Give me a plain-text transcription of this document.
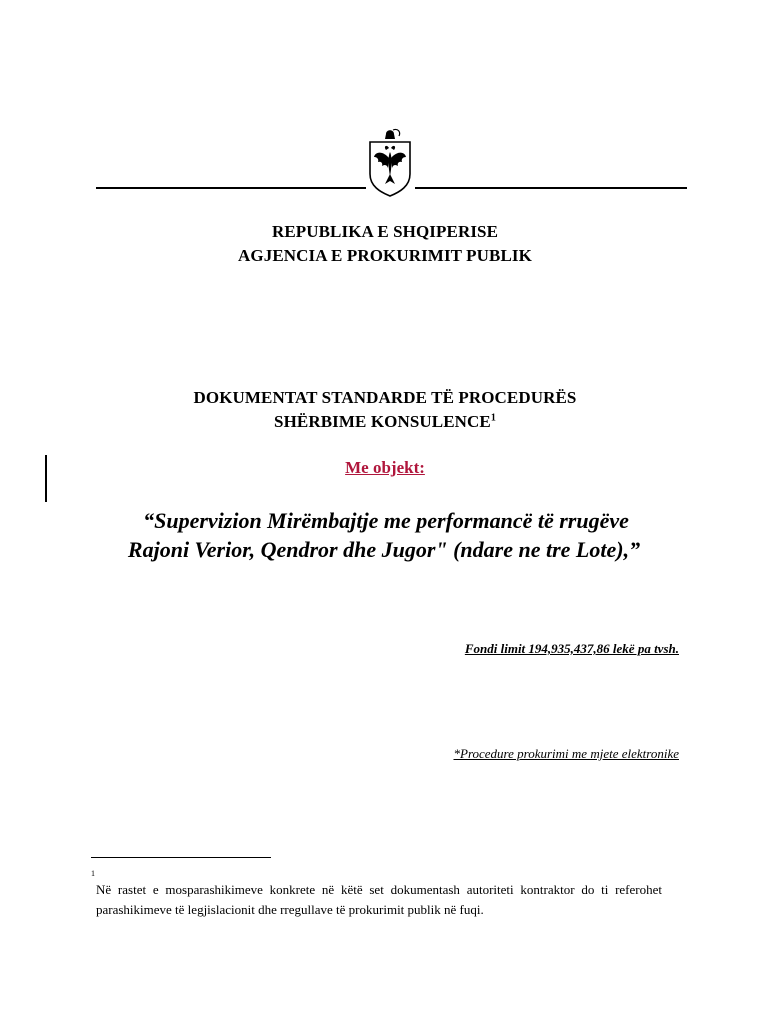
REPUBLIKA E SHQIPERISE
AGJENCIA E PROKURIMIT PUBLIK
DOKUMENTAT STANDARDE TË PROCEDURËS
SHËRBIME KONSULENCE$^1$
Me objekt:
“Supervizion Mirëmbajtje me performancë të rrugëve
Rajoni Verior, Qendror dhe Jugor" (ndare ne tre Lote),”
Fondi limit 194,935,437,86 lekë pa tvsh.
*Procedure prokurimi me mjete elektronike
1
Në rastet e mosparashikimeve konkrete në këtë set dokumentash autoriteti kontraktor do ti referohet parashikimeve të legjislacionit dhe rregullave të prokurimit publik në fuqi.
